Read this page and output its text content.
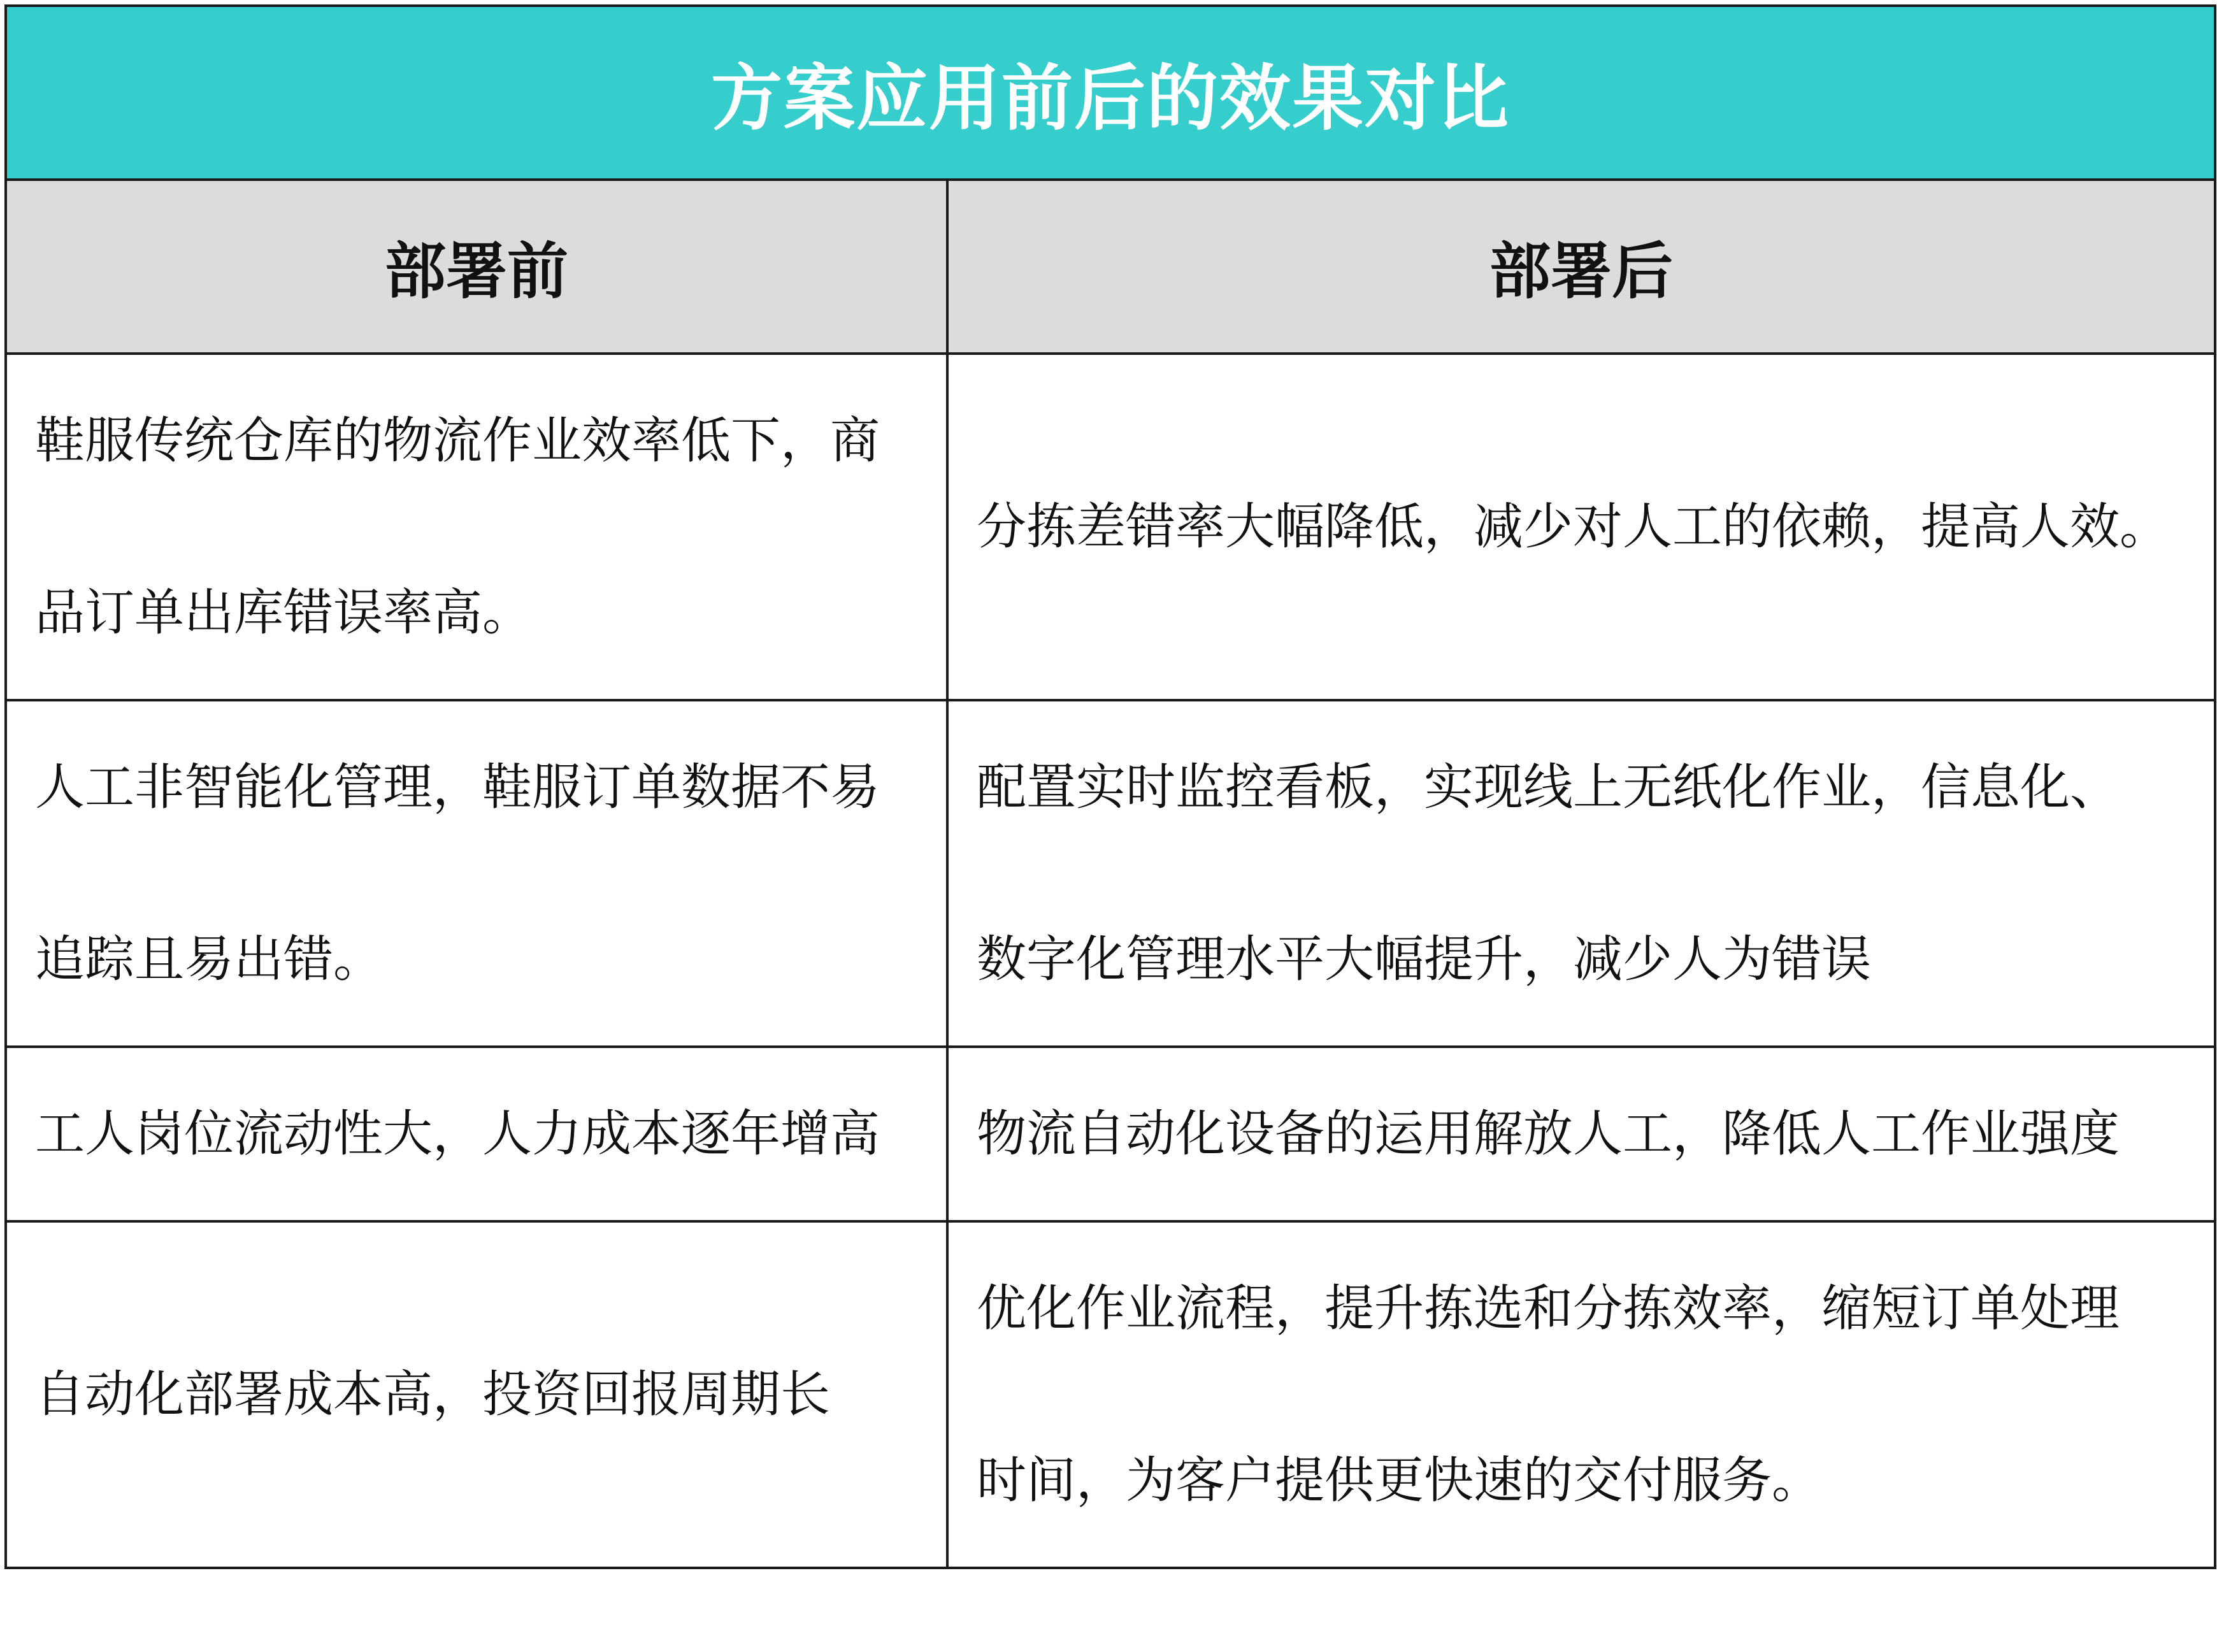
方案应用前后的效果对比	
部署前	部署后

鞋服传统仓库的物流作业效率低下，商
品订单出库错误率高。	分拣差错率大幅降低，减少对人工的依赖，提高人效。

人工非智能化管理，鞋服订单数据不易
追踪且易出错。	配置实时监控看板，实现线上无纸化作业，信息化、
数字化管理水平大幅提升，减少人为错误

工人岗位流动性大，人力成本逐年增高	物流自动化设备的运用解放人工，降低人工作业强度

自动化部署成本高，投资回报周期长	优化作业流程，提升拣选和分拣效率，缩短订单处理
时间，为客户提供更快速的交付服务。
